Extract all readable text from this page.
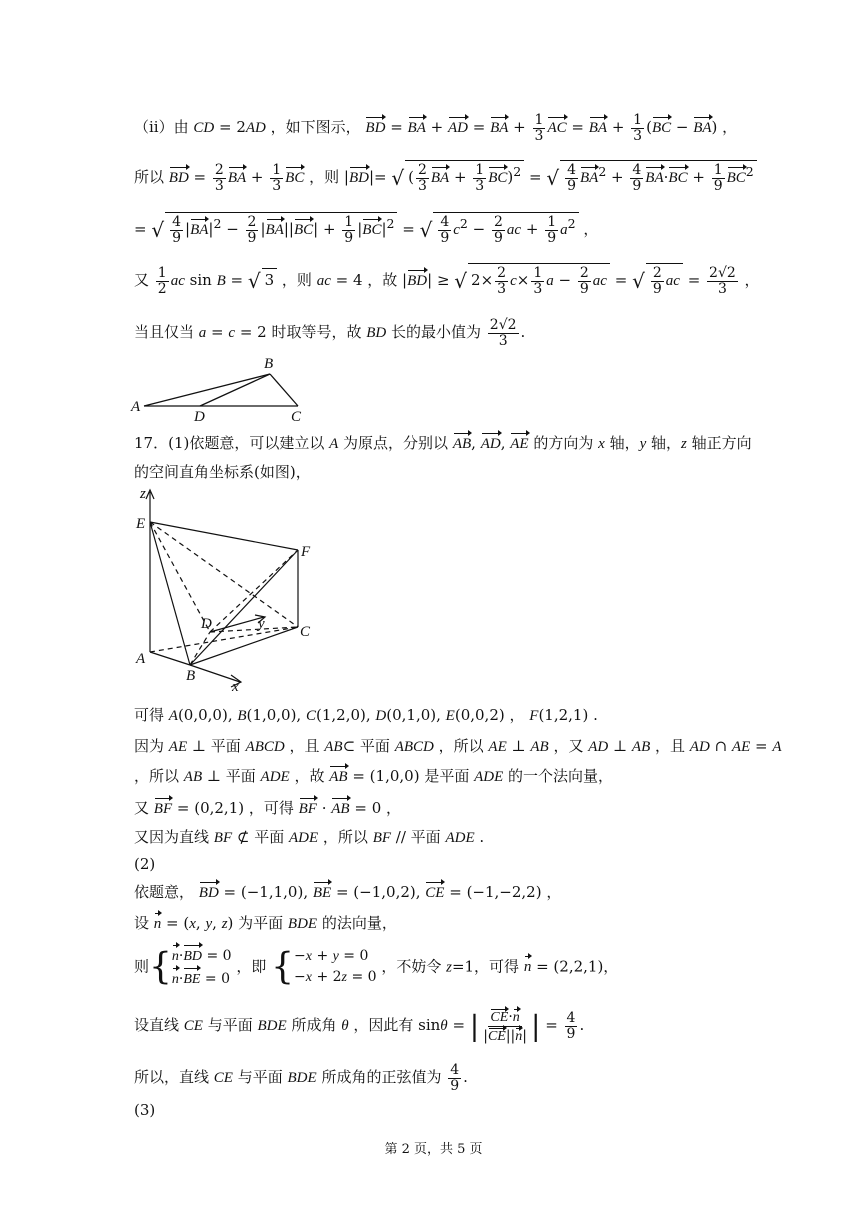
（ii）由 CD = 2AD ，如下图示， BD = BA + AD = BA + $\frac{1}{3}$ AC = BA + $\frac{1}{3} (BC - BA)$ ，
所以 BD = $\frac{2}{3}$ BA + $\frac{1}{3}$ BC ，则 |BD|= √ ( $\frac{2}{3}$ BA + $\frac{1}{3} BC)^2$ = √ $\frac{4}{9} BA^2 + \frac{4}{9} BA\cdot BC + \frac{1}{9} BC^2$
= √ $\frac{4}{9} |BA|^2 - \frac{2}{9} |BA||BC| + \frac{1}{9} |BC|^2$ = √ $\frac{4}{9} c^2 - \frac{2}{9}$ ac + $\frac{1}{9} a^2$ ，
又 $\frac{1}{2}$ ac sin B = √ 3 ，则 ac = 4 ，故 |BD| ≥ √ $2\times \frac{2}{3} c\times \frac{1}{3}$ $a - \frac{2}{9}$ ac = √ $\frac{2}{9}$ ac = $\frac{2√2}{3}$ ，
当且仅当 a = c = 2 时取等号，故 BD 长的最小值为 $\frac{2√2}{3}$ .
B
A
D	C
17．(1)依题意，可以建立以 A 为原点，分别以 AB, AD, AE 的方向为 x 轴，y 轴，z 轴正方向
的空间直角坐标系(如图)，
z
E
F
D	y C
A
B
x
可得 A(0,0,0), B(1,0,0), C(1,2,0), D(0,1,0), E(0,0,2) ， F(1,2,1) .
因为 AE ⊥ 平面 ABCD ，且 AB⊂ 平面 ABCD ，所以 AE ⊥ AB ，又 AD ⊥ AB ，且 AD ∩ AE = A
，所以 AB ⊥ 平面 ADE ，故 AB = (1,0,0) 是平面 ADE 的一个法向量，
又 BF = (0,2,1) ，可得 BF · AB = 0 ，
又因为直线 BF ⊄ 平面 ADE ，所以 BF // 平面 ADE .
(2)
依题意， BD = (−1,1,0), BE = (−1,0,2), CE = (−1,−2,2) ，
设 n = (x, y, z) 为平面 BDE 的法向量，
则{ n·BD = 0
n·BE = 0
，即 { −x + y = 0
−x + 2z = 0
，不妨令 z=1，可得 n = (2,2,1)，
设直线 CE 与平面 BDE 所成角 θ ，因此有 sinθ = | $\frac{CE\cdot n}{|CE||n|}$ | = $\frac{4}{9}$ .
所以，直线 CE 与平面 BDE 所成角的正弦值为 $\frac{4}{9}$ .
(3)
第 2 页，共 5 页
